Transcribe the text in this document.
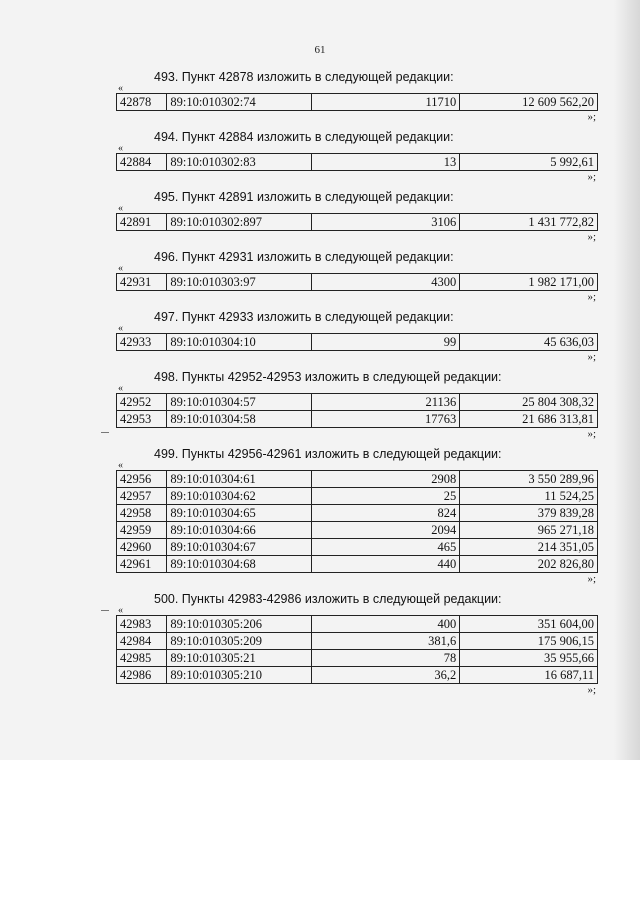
61
493. Пункт 42878 изложить в следующей редакции:
«
42878	89:10:010302:74	11710	12 609 562,20
»;
494. Пункт 42884 изложить в следующей редакции:
«
42884	89:10:010302:83	13	5 992,61
»;
495. Пункт 42891 изложить в следующей редакции:
«
42891	89:10:010302:897	3106	1 431 772,82
»;
496. Пункт 42931 изложить в следующей редакции:
«
42931	89:10:010303:97	4300	1 982 171,00
»;
497. Пункт 42933 изложить в следующей редакции:
«
42933	89:10:010304:10	99	45 636,03
»;
498. Пункты 42952-42953 изложить в следующей редакции:
«
42952	89:10:010304:57	21136	25 804 308,32
42953	89:10:010304:58	17763	21 686 313,81
»;
499. Пункты 42956-42961 изложить в следующей редакции:
«
42956	89:10:010304:61	2908	3 550 289,96
42957	89:10:010304:62	25	11 524,25
42958	89:10:010304:65	824	379 839,28
42959	89:10:010304:66	2094	965 271,18
42960	89:10:010304:67	465	214 351,05
42961	89:10:010304:68	440	202 826,80
»;
500. Пункты 42983-42986 изложить в следующей редакции:
«
42983	89:10:010305:206	400	351 604,00
42984	89:10:010305:209	381,6	175 906,15
42985	89:10:010305:21	78	35 955,66
42986	89:10:010305:210	36,2	16 687,11
»;
